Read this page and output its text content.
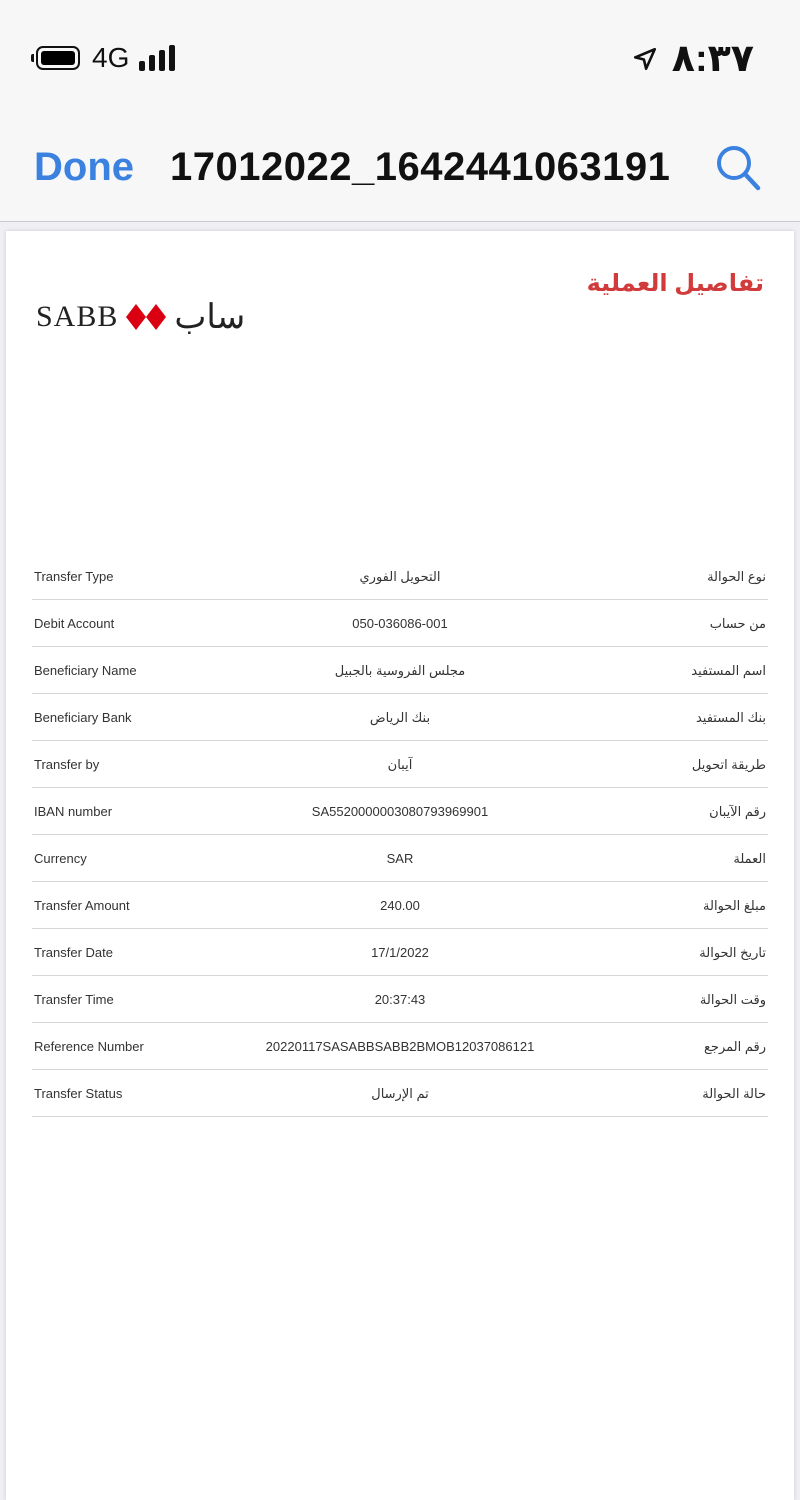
4G	٨:٣٧
Done 17012022_1642441063191
تفاصيل العملية
SABB ساب
Transfer Type	التحويل الفوري	نوع الحوالة
Debit Account	050-036086-001	من حساب
Beneficiary Name	مجلس الفروسية بالجبيل	اسم المستفيد
Beneficiary Bank	بنك الرياض	بنك المستفيد
Transfer by	آيبان	طريقة اتحويل
IBAN number	SA5520000003080793969901	رقم الآيبان
Currency	SAR	العملة
Transfer Amount	240.00	مبلغ الحوالة
Transfer Date	17/1/2022	تاريخ الحوالة
Transfer Time	20:37:43	وقت الحوالة
Reference Number	20220117SASABBSABB2BMOB12037086121	رقم المرجع
Transfer Status	تم الإرسال	حالة الحوالة
